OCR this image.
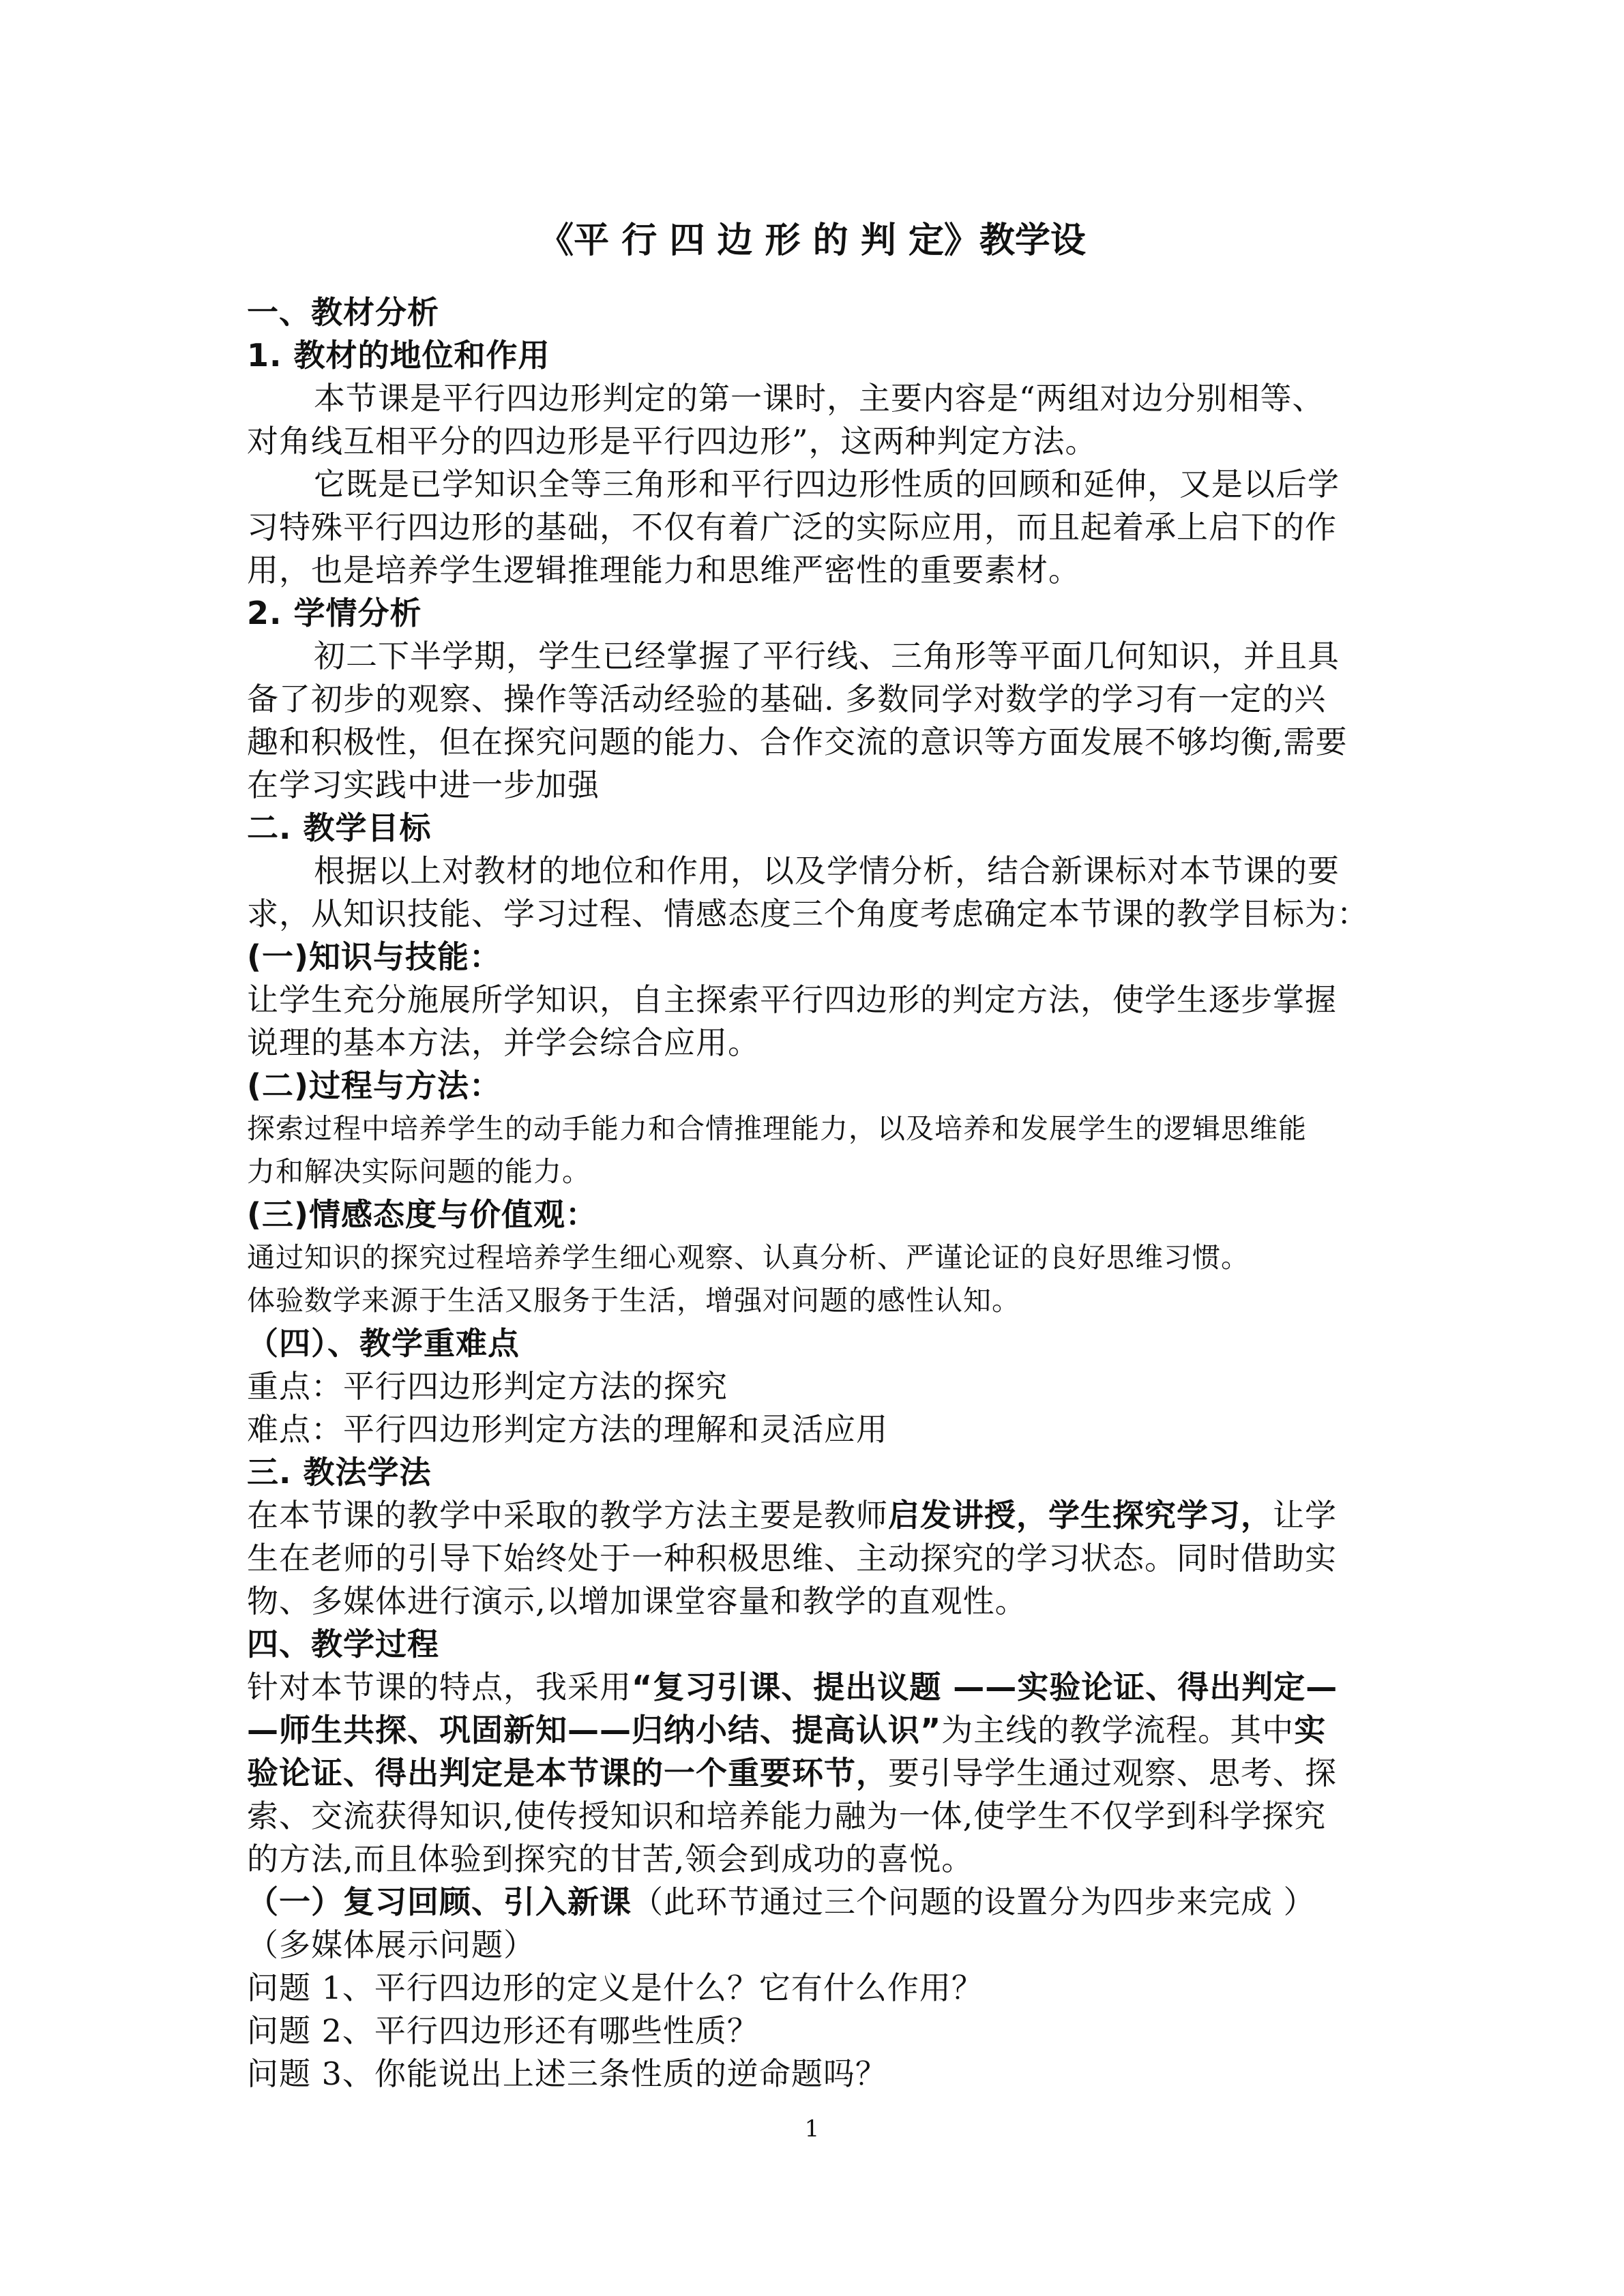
《平 行 四 边 形 的 判 定》教学设
一、教材分析
1. 教材的地位和作用
本节课是平行四边形判定的第一课时，主要内容是“两组对边分别相等、
对角线互相平分的四边形是平行四边形”，这两种判定方法。
它既是已学知识全等三角形和平行四边形性质的回顾和延伸，又是以后学
习特殊平行四边形的基础，不仅有着广泛的实际应用，而且起着承上启下的作
用，也是培养学生逻辑推理能力和思维严密性的重要素材。
2. 学情分析
初二下半学期，学生已经掌握了平行线、三角形等平面几何知识，并且具
备了初步的观察、操作等活动经验的基础. 多数同学对数学的学习有一定的兴
趣和积极性，但在探究问题的能力、合作交流的意识等方面发展不够均衡,需要
在学习实践中进一步加强
二. 教学目标
根据以上对教材的地位和作用，以及学情分析，结合新课标对本节课的要
求，从知识技能、学习过程、情感态度三个角度考虑确定本节课的教学目标为：
(一)知识与技能：
让学生充分施展所学知识，自主探索平行四边形的判定方法，使学生逐步掌握
说理的基本方法，并学会综合应用。
(二)过程与方法：
探索过程中培养学生的动手能力和合情推理能力，以及培养和发展学生的逻辑思维能
力和解决实际问题的能力。
(三)情感态度与价值观：
通过知识的探究过程培养学生细心观察、认真分析、严谨论证的良好思维习惯。
体验数学来源于生活又服务于生活，增强对问题的感性认知。
（四）、教学重难点
重点：平行四边形判定方法的探究
难点：平行四边形判定方法的理解和灵活应用
三. 教法学法
在本节课的教学中采取的教学方法主要是教师启发讲授，学生探究学习，让学
生在老师的引导下始终处于一种积极思维、主动探究的学习状态。同时借助实
物、多媒体进行演示,以增加课堂容量和教学的直观性。
四、教学过程
针对本节课的特点，我采用“复习引课、提出议题 ——实验论证、得出判定—
—师生共探、巩固新知——归纳小结、提高认识”为主线的教学流程。其中实
验论证、得出判定是本节课的一个重要环节，要引导学生通过观察、思考、探
索、交流获得知识,使传授知识和培养能力融为一体,使学生不仅学到科学探究
的方法,而且体验到探究的甘苦,领会到成功的喜悦。
（一）复习回顾、引入新课（此环节通过三个问题的设置分为四步来完成 ）
（多媒体展示问题）
问题 1、平行四边形的定义是什么？它有什么作用？
问题 2、平行四边形还有哪些性质？
问题 3、你能说出上述三条性质的逆命题吗？
1
